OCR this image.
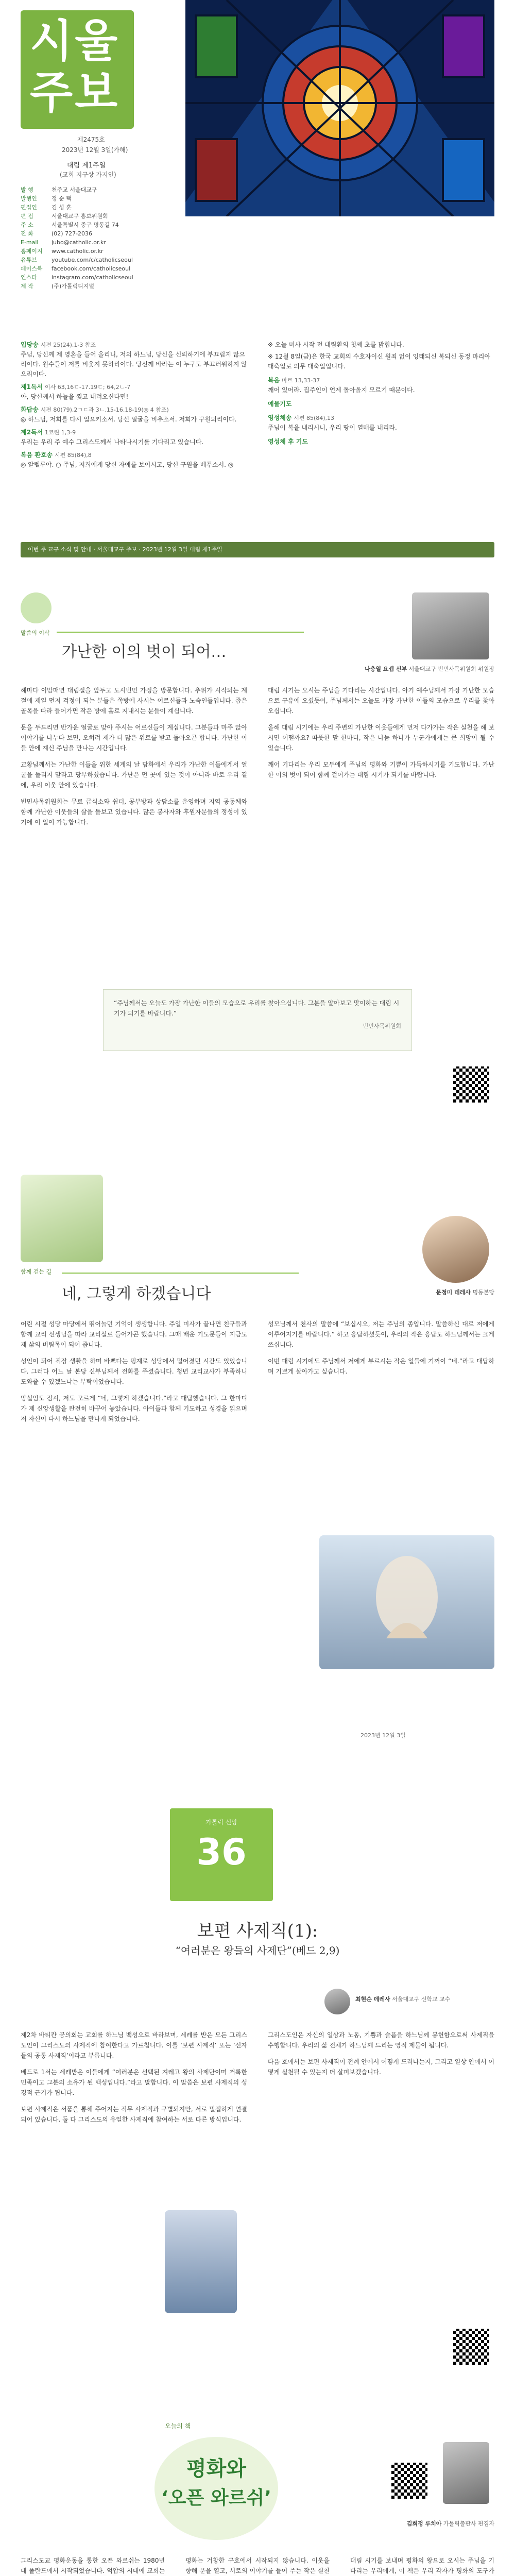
시울
주보
제2475호
2023년 12월 3일(가해)
대림 제1주일
(교회 지구상 가지인)
발 행	천주교 서울대교구
발행인	정 순 택
편집인	김 성 훈
편 집	서울대교구 홍보위원회
주 소	서울특별시 중구 명동길 74
전 화	(02) 727-2036
E-mail jubo@catholic.or.kr
홈페이지 www.catholic.or.kr
유튜브	youtube.com/c/catholicseoul
페이스북 facebook.com/catholicseoul
인스타	instagram.com/catholicseoul
제 작	(주)가톨릭디지털
입당송 시편 25(24),1-3 참조
주님, 당신께 제 영혼을 들어 올리니, 저의 하느님, 당신을 신뢰하기에 부끄럽지 않으리이다. 원수들이 저를 비웃지 못하리이다. 당신께 바라는 이 누구도 부끄러워하지 않으리이다.
제1독서 이사 63,16ㄷ-17.19ㄷ; 64,2ㄴ-7
아, 당신께서 하늘을 찢고 내려오신다면!
화답송 시편 80(79),2ㄱㄷ과 3ㄴ.15-16.18-19(◎ 4 참조)
◎ 하느님, 저희를 다시 일으키소서. 당신 얼굴을 비추소서. 저희가 구원되리이다.
제2독서 1코린 1,3-9
우리는 우리 주 예수 그리스도께서 나타나시기를 기다리고 있습니다.
복음 환호송 시편 85(84),8
◎ 알렐루야. ○ 주님, 저희에게 당신 자애를 보이시고, 당신 구원을 베푸소서. ◎
※ 오늘 미사 시작 전 대림환의 첫째 초를 밝힙니다.
※ 12월 8일(금)은 한국 교회의 수호자이신 원죄 없이 잉태되신 복되신 동정 마리아 대축일로 의무 대축일입니다.
복음 마르 13,33-37
깨어 있어라. 집주인이 언제 돌아올지 모르기 때문이다.
예물기도
영성체송 시편 85(84),13
주님이 복을 내리시니, 우리 땅이 열매를 내리라.
영성체 후 기도
이번 주 교구 소식 및 안내 · 서울대교구 주보 · 2023년 12월 3일 대림 제1주일
말씀의 이삭
가난한 이의 벗이 되어…
나충열 요셉 신부 서울대교구 빈민사목위원회 위원장

해마다 이맘때면 대림절을 앞두고 도시빈민 가정을 방문합니다. 추위가 시작되는 계절에 제일 먼저 걱정이 되는 분들은 쪽방에 사시는 어르신들과 노숙인들입니다. 좁은 골목을 따라 들어가면 작은 방에 홀로 지내시는 분들이 계십니다.

문을 두드리면 반가운 얼굴로 맞아 주시는 어르신들이 계십니다. 그분들과 마주 앉아 이야기를 나누다 보면, 오히려 제가 더 많은 위로를 받고 돌아오곤 합니다. 가난한 이들 안에 계신 주님을 만나는 시간입니다.

교황님께서는 가난한 이들을 위한 세계의 날 담화에서 우리가 가난한 이들에게서 얼굴을 돌리지 말라고 당부하셨습니다. 가난은 먼 곳에 있는 것이 아니라 바로 우리 곁에, 우리 이웃 안에 있습니다.

빈민사목위원회는 무료 급식소와 쉼터, 공부방과 상담소를 운영하며 지역 공동체와 함께 가난한 이웃들의 삶을 돌보고 있습니다. 많은 봉사자와 후원자분들의 정성이 있기에 이 일이 가능합니다.

대림 시기는 오시는 주님을 기다리는 시간입니다. 아기 예수님께서 가장 가난한 모습으로 구유에 오셨듯이, 주님께서는 오늘도 가장 가난한 이들의 모습으로 우리를 찾아오십니다.

올해 대림 시기에는 우리 주변의 가난한 이웃들에게 먼저 다가가는 작은 실천을 해 보시면 어떨까요? 따뜻한 말 한마디, 작은 나눔 하나가 누군가에게는 큰 희망이 될 수 있습니다.

깨어 기다리는 우리 모두에게 주님의 평화와 기쁨이 가득하시기를 기도합니다. 가난한 이의 벗이 되어 함께 걸어가는 대림 시기가 되기를 바랍니다.

“주님께서는 오늘도 가장 가난한 이들의 모습으로 우리를 찾아오십니다. 그분을 알아보고 맞이하는 대림 시기가 되기를 바랍니다.”
빈민사목위원회
함께 걷는 길
네, 그렇게 하겠습니다	문정미 데레사 명동본당

어린 시절 성당 마당에서 뛰어놀던 기억이 생생합니다. 주일 미사가 끝나면 친구들과 함께 교리 선생님을 따라 교리실로 들어가곤 했습니다. 그때 배운 기도문들이 지금도 제 삶의 버팀목이 되어 줍니다.

성인이 되어 직장 생활을 하며 바쁘다는 핑계로 성당에서 멀어졌던 시간도 있었습니다. 그러다 어느 날 본당 신부님께서 전화를 주셨습니다. 청년 교리교사가 부족하니 도와줄 수 있겠느냐는 부탁이었습니다.

망설임도 잠시, 저도 모르게 “네, 그렇게 하겠습니다.”라고 대답했습니다. 그 한마디가 제 신앙생활을 완전히 바꾸어 놓았습니다. 아이들과 함께 기도하고 성경을 읽으며 저 자신이 다시 하느님을 만나게 되었습니다.

성모님께서 천사의 말씀에 “보십시오, 저는 주님의 종입니다. 말씀하신 대로 저에게 이루어지기를 바랍니다.” 하고 응답하셨듯이, 우리의 작은 응답도 하느님께서는 크게 쓰십니다.

이번 대림 시기에도 주님께서 저에게 부르시는 작은 일들에 기꺼이 “네.”라고 대답하며 기쁘게 살아가고 싶습니다.

2023년 12월 3일
가톨릭 신앙
36
보편 사제직(1):
“여러분은 왕들의 사제단”(베드 2,9)
최현순 데레사 서울대교구 신학교 교수

제2차 바티칸 공의회는 교회를 하느님 백성으로 바라보며, 세례를 받은 모든 그리스도인이 그리스도의 사제직에 참여한다고 가르칩니다. 이를 ‘보편 사제직’ 또는 ‘신자들의 공통 사제직’이라고 부릅니다.

베드로 1서는 세례받은 이들에게 “여러분은 선택된 겨레고 왕의 사제단이며 거룩한 민족이고 그분의 소유가 된 백성입니다.”라고 말합니다. 이 말씀은 보편 사제직의 성경적 근거가 됩니다.

보편 사제직은 서품을 통해 주어지는 직무 사제직과 구별되지만, 서로 밀접하게 연결되어 있습니다. 둘 다 그리스도의 유일한 사제직에 참여하는 서로 다른 방식입니다.

그리스도인은 자신의 일상과 노동, 기쁨과 슬픔을 하느님께 봉헌함으로써 사제직을 수행합니다. 우리의 삶 전체가 하느님께 드리는 영적 제물이 됩니다.

다음 호에서는 보편 사제직이 전례 안에서 어떻게 드러나는지, 그리고 일상 안에서 어떻게 실천될 수 있는지 더 살펴보겠습니다.

오늘의 책
평화와
‘오픈 와르쉬’
김희정 루치아 가톨릭출판사 편집자

그리스도교 평화운동을 통한 오픈 와르쉬는 1980년대 폴란드에서 시작되었습니다. 억압의 시대에 교회는

평화는 거창한 구호에서 시작되지 않습니다. 이웃을 향해 문을 열고, 서로의 이야기를 들어 주는 작은 실천

대림 시기를 보내며 평화의 왕으로 오시는 주님을 기다리는 우리에게, 이 책은 우리 각자가 평화의 도구가
